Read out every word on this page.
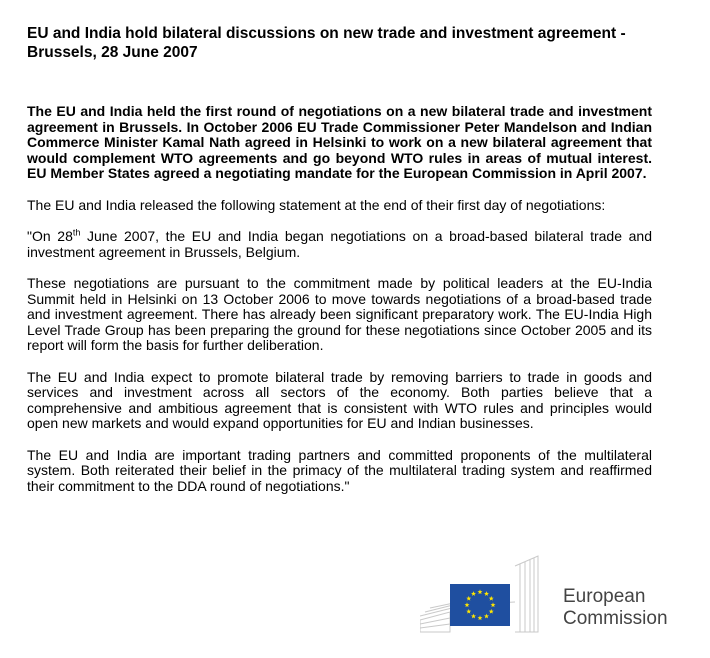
EU and India hold bilateral discussions on new trade and investment agreement -
Brussels, 28 June 2007

The EU and India held the first round of negotiations on a new bilateral trade and investment agreement in Brussels. In October 2006 EU Trade Commissioner Peter Mandelson and Indian Commerce Minister Kamal Nath agreed in Helsinki to work on a new bilateral agreement that would complement WTO agreements and go beyond WTO rules in areas of mutual interest. EU Member States agreed a negotiating mandate for the European Commission in April 2007.

The EU and India released the following statement at the end of their first day of negotiations:

"On 28th June 2007, the EU and India began negotiations on a broad-based bilateral trade and investment agreement in Brussels, Belgium.

These negotiations are pursuant to the commitment made by political leaders at the EU-India Summit held in Helsinki on 13 October 2006 to move towards negotiations of a broad-based trade and investment agreement. There has already been significant preparatory work. The EU-India High Level Trade Group has been preparing the ground for these negotiations since October 2005 and its report will form the basis for further deliberation.

The EU and India expect to promote bilateral trade by removing barriers to trade in goods and services and investment across all sectors of the economy. Both parties believe that a comprehensive and ambitious agreement that is consistent with WTO rules and principles would open new markets and would expand opportunities for EU and Indian businesses.

The EU and India are important trading partners and committed proponents of the multilateral system. Both reiterated their belief in the primacy of the multilateral trading system and reaffirmed their commitment to the DDA round of negotiations."

European
Commission
